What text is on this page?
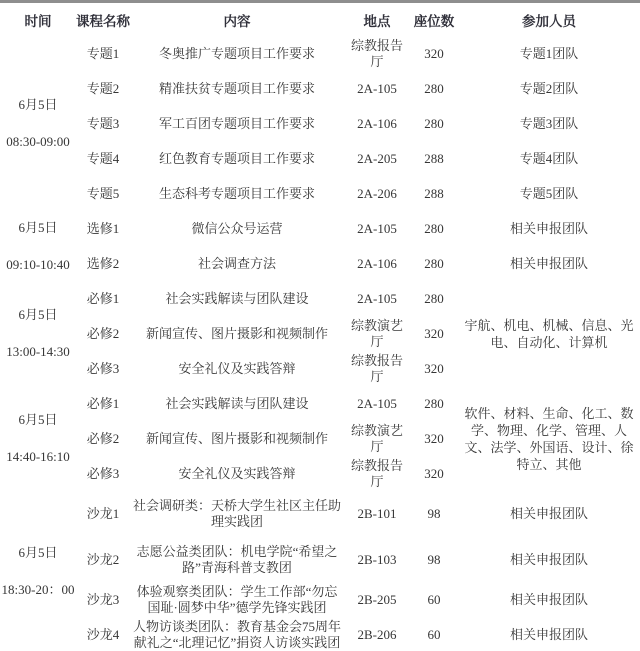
时间	课程名称	内容	地点	座位数	参加人员

6月5日
08:30-09:00	专题1	冬奥推广专题项目工作要求	综教报告厅	320	专题1团队
	专题2	精准扶贫专题项目工作要求	2A-105	280	专题2团队
	专题3	军工百团专题项目工作要求	2A-106	280	专题3团队
	专题4	红色教育专题项目工作要求	2A-205	288	专题4团队
	专题5	生态科考专题项目工作要求	2A-206	288	专题5团队

6月5日
09:10-10:40	选修1	微信公众号运营	2A-105	280	相关申报团队
	选修2	社会调查方法	2A-106	280	相关申报团队

6月5日
13:00-14:30	必修1	社会实践解读与团队建设	2A-105	280	宇航、机电、机械、信息、光电、自动化、计算机
	必修2	新闻宣传、图片摄影和视频制作	综教演艺厅	320	
	必修3	安全礼仪及实践答辩	综教报告厅	320	

6月5日
14:40-16:10	必修1	社会实践解读与团队建设	2A-105	280	软件、材料、生命、化工、数学、物理、化学、管理、人文、法学、外国语、设计、徐特立、其他
	必修2	新闻宣传、图片摄影和视频制作	综教演艺厅	320	
	必修3	安全礼仪及实践答辩	综教报告厅	320	

6月5日
18:30-20：00	沙龙1	社会调研类：天桥大学生社区主任助理实践团	2B-101	98	相关申报团队
	沙龙2	志愿公益类团队：机电学院“希望之路”青海科普支教团	2B-103	98	相关申报团队
	沙龙3	体验观察类团队：学生工作部“勿忘国耻·圆梦中华”德学先锋实践团	2B-205	60	相关申报团队
	沙龙4	人物访谈类团队：教育基金会75周年献礼之“北理记忆”捐资人访谈实践团	2B-206	60	相关申报团队
